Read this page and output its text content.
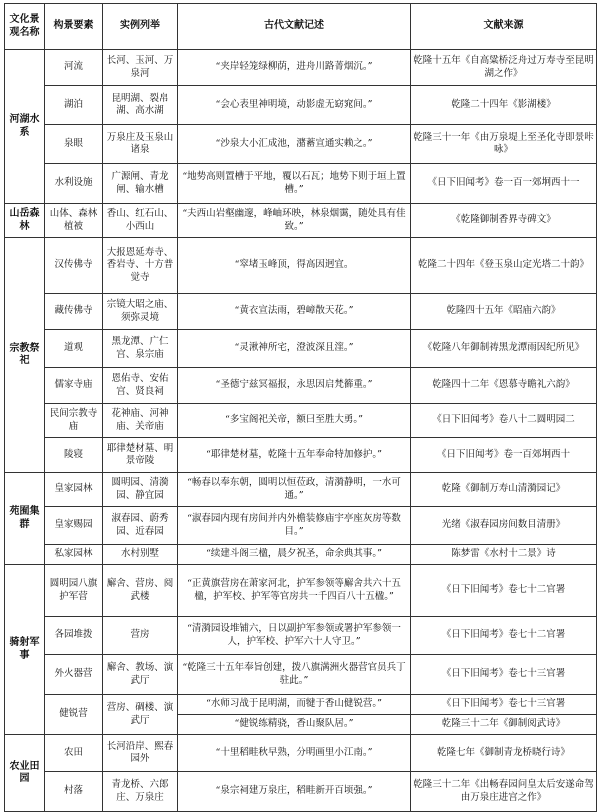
文化景观名称	构景要素	实例列举	古代文献记述	文献来源
河湖水系	河流	长河、玉河、万泉河	“夹岸轻笼绿柳荫，进舟川路菁烟沉。”	乾隆十五年《自高粱桥泛舟过万寿寺至昆明湖之作》
	湖泊	昆明湖、裂帛湖、高水湖	“会心表里神明境，动影虚无窈窕间。”	乾隆二十四年《影湖楼》
	泉眼	万泉庄及玉泉山诸泉	“沙泉大小汇成池，潴蓄宣通实赖之。”	乾隆三十一年《由万泉堤上至圣化寺即景咔咏》
	水利设施	广源闸、青龙闸、输水槽	“地势高则置槽于平地，覆以石瓦；地势下则于垣上置槽。”	《日下旧闻考》卷一百一郊坰西十一
山岳森林	山体、森林植被	香山、红石山、小西山	“夫西山岩壑幽邃，峰岫环映，林泉烟霭，随处具有佳致。”	《乾隆御制香界寺碑文》
宗教祭祀	汉传佛寺	大报恩延寿寺、香岩寺、十方普觉寺	“窣堵玉峰顶，得高因迥宜。	乾隆二十四年《登玉泉山定光塔二十韵》
	藏传佛寺	宗镜大昭之庙、须弥灵境	“黄衣宣法雨，碧嶂散天花。”	乾隆四十五年《昭庙六韵》
	道观	黑龙潭、广仁宫、泉宗庙	“灵湫神所宅，澄波深且漥。”	《乾隆八年御制祷黑龙潭雨因纪所见》
	儒家寺庙	恩佑寺、安佑宫、贤良祠	“圣德宁兹冥福报，永思因启梵籂重。”	乾隆四十二年《恩慕寺瞻礼六韵》
	民间宗教寺庙	花神庙、河神庙、关帝庙	“多宝阁祀关帝，额曰至胜大勇。”	《日下旧闻考》卷八十二圆明园二
	陵寝	耶律楚材墓、明景帝陵	“耶律楚材墓，乾隆十五年奉命特加修护。”	《日下旧闻考》卷一百郊坰西十
苑囿集群	皇家园林	圆明园、清漪园、静宜园	“畅春以奉东朝，圆明以恒莅政，清漪静明，一水可通。”	乾隆《御制万寿山清漪园记》
	皇家赐园	淑春园、蔚秀园、近春园	“淑春园内现有房间并内外檐装修庙宇亭座灰房等数目。”	光绪《淑春园房间数目清册》
	私家园林	水村别墅	“续建斗阁三楹，晨夕祝圣，命余典其事。”	陈梦雷《水村十二景》诗
骑射军事	圆明园八旗护军营	廨舍、营房、阅武楼	“正黄旗营房在萧家河北，护军参领等廨舍共六十五楹，护军校、护军等官房共一千四百八十五楹。”	《日下旧闻考》卷七十二官署
	各园堆拨	营房	“清漪园设堆铺六，日以副护军参领或署护军参领一人，护军校、护军六十人守卫。”	《日下旧闻考》卷七十二官署
	外火器营	廨舍、教场、演武厅	“乾隆三十五年奉旨创建，拨八旗满洲火器营官员兵丁驻此。”	《日下旧闻考》卷七十三官署
	健锐营	营房、碉楼、演武厅	“水师习战于昆明湖，而犍于香山健锐营。”	《日下旧闻考》卷七十三官署
			“健锐练精骁，香山聚队居。”	乾隆三十二年《御制阅武诗》
农业田园	农田	长河沿岸、熙春园外	“十里稻畦秋早熟，分明画里小江南。”	乾隆七年《御制青龙桥晓行诗》
	村落	青龙桥、六郎庄、万泉庄	“泉宗祠建万泉庄，稻畦新开百顷强。”	乾隆三十二年《出畅春园问皇太后安遂命驾由万泉庄进宫之作》
